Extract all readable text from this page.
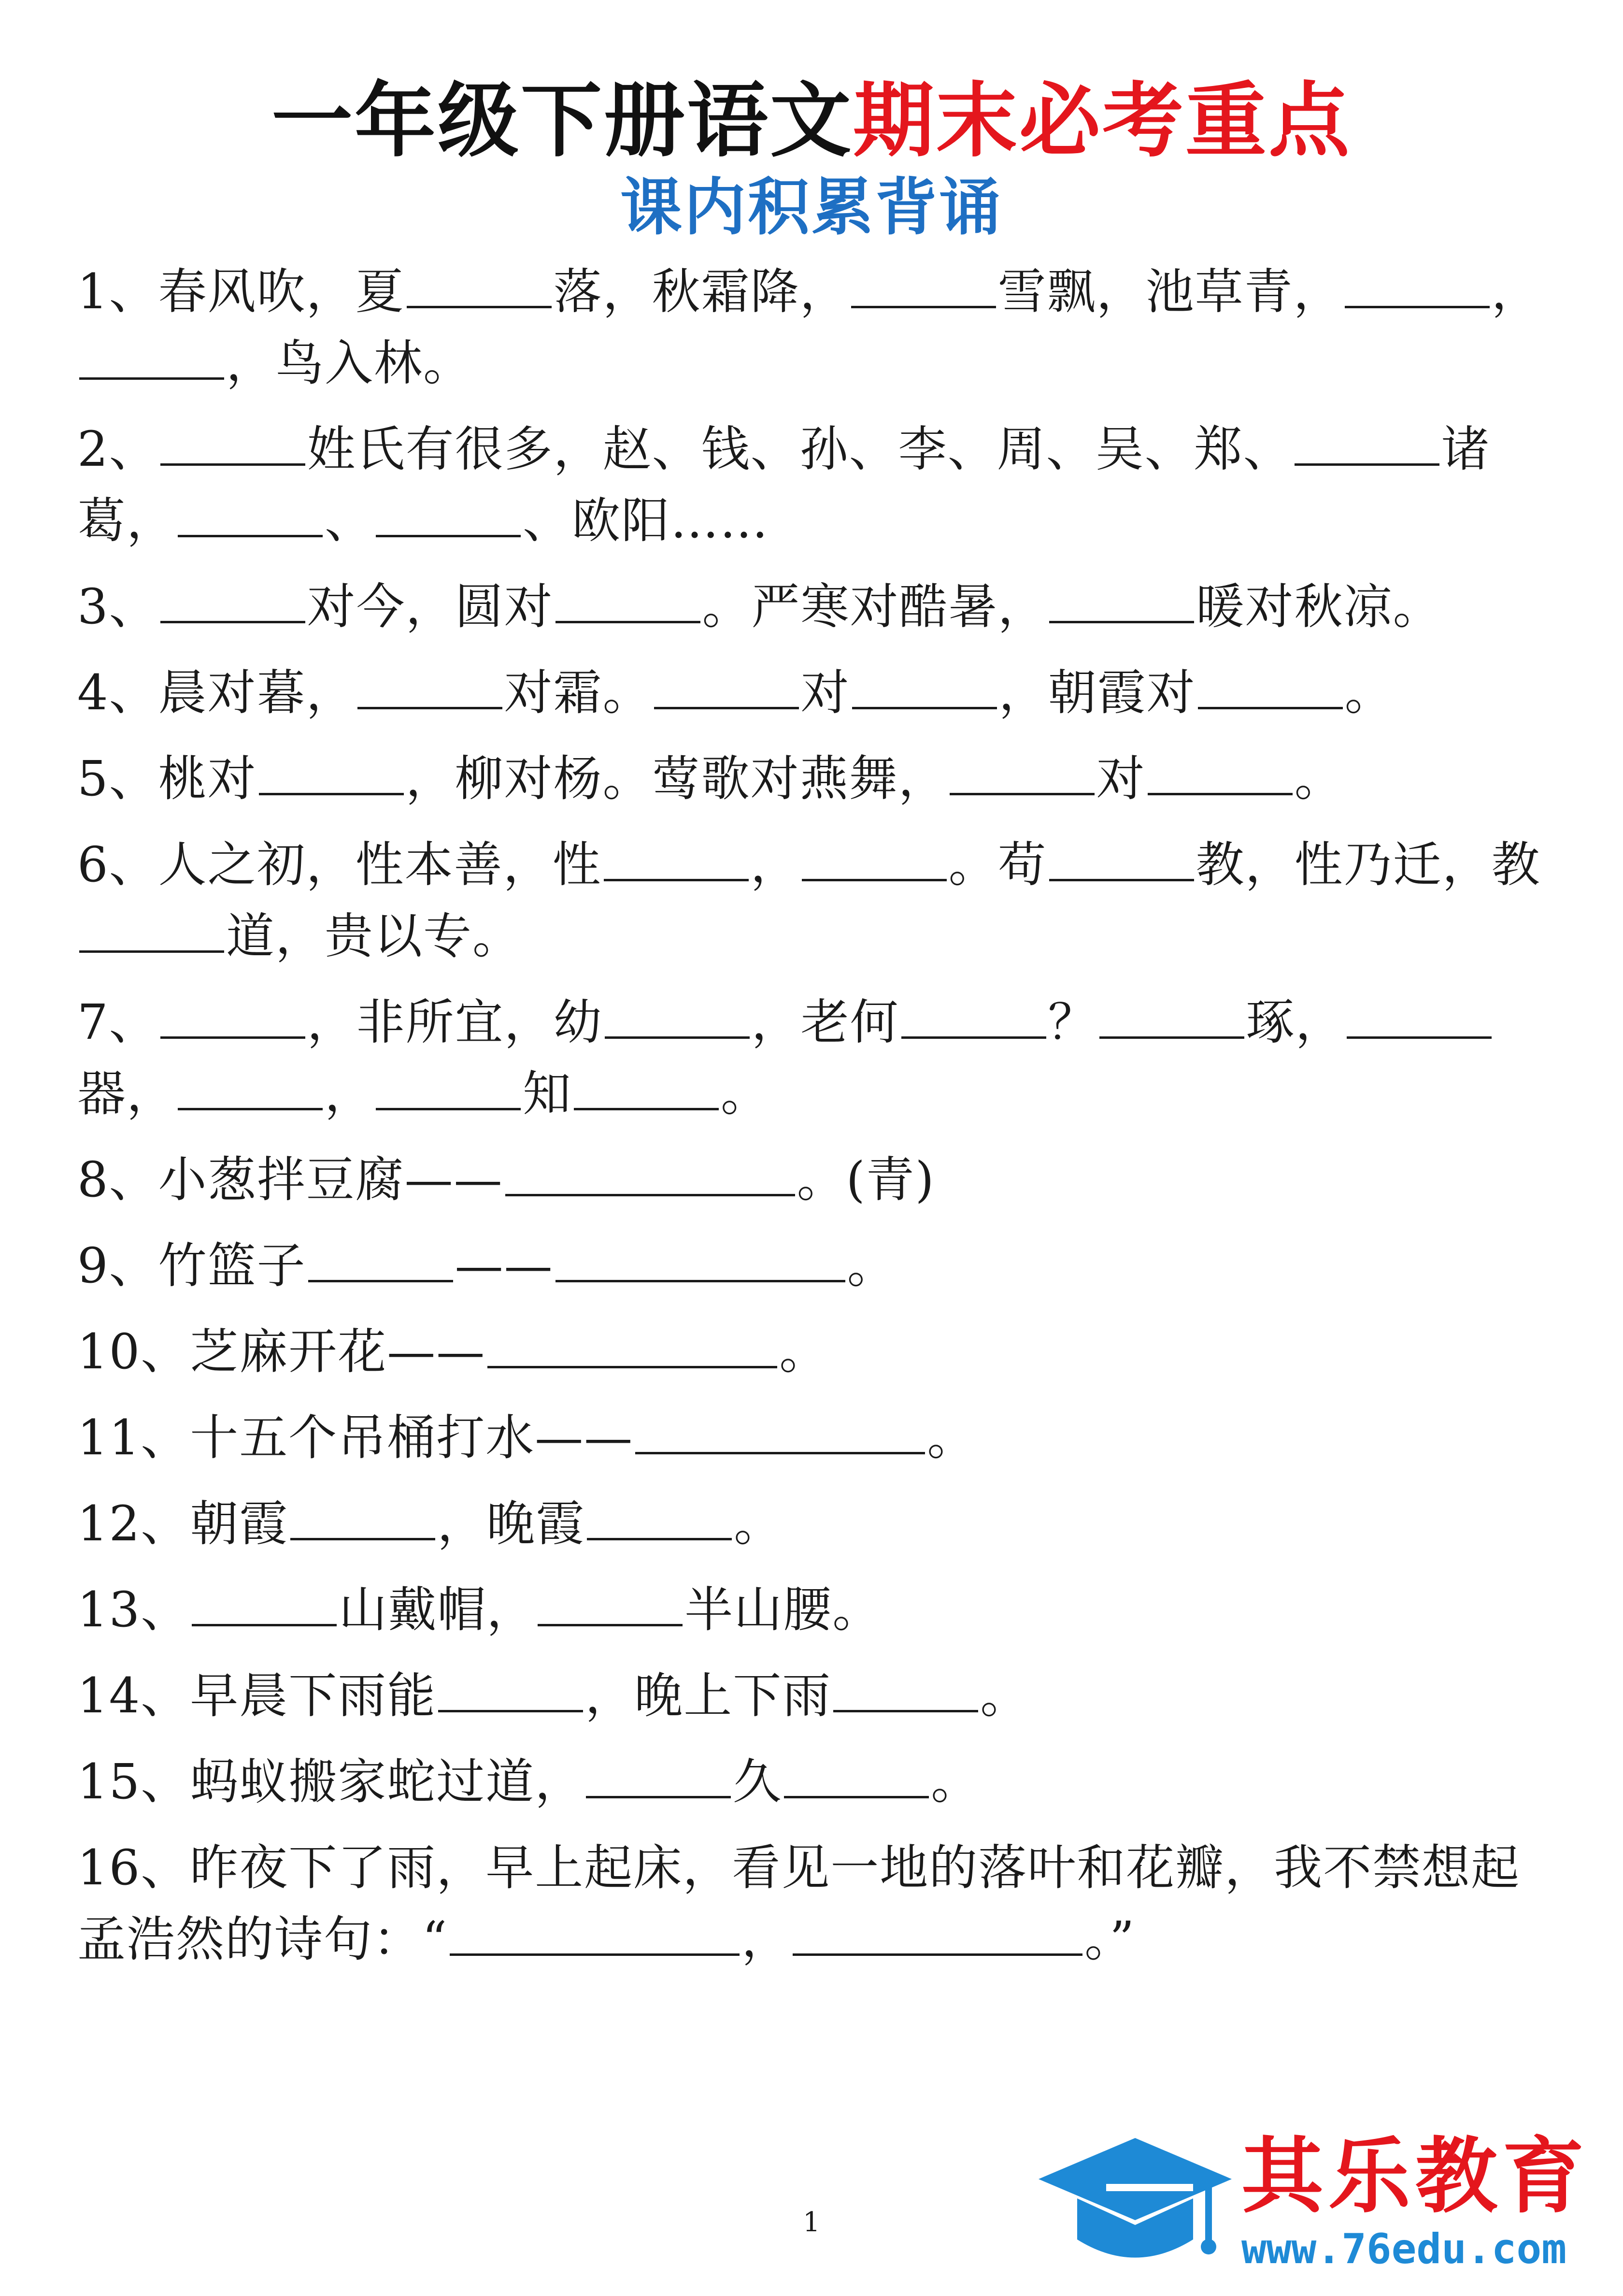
一年级下册语文期末必考重点
课内积累背诵
1、春风吹，夏	落，秋霜降，	雪飘，池草青，	，，鸟入林。
2、	姓氏有很多，赵、钱、孙、李、周、吴、郑、	诸葛，	、	、欧阳……
3、	对今，圆对	。严寒对酷暑，	暖对秋凉。
4、晨对暮，	对霜。	对	，朝霞对	。
5、桃对	，柳对杨。莺歌对燕舞，	对	。
6、人之初，性本善，性	，	。苟	教，性乃迁，教道，贵以专。
7、	，非所宜，幼	，老何	？	琢，器，	，	知	。
8、小葱拌豆腐——	。(青)
9、竹篮子	——	。
10、芝麻开花——	。
11、十五个吊桶打水——	。
12、朝霞	，晚霞	。
13、	山戴帽，	半山腰。
14、早晨下雨能	，晚上下雨	。
15、蚂蚁搬家蛇过道，	久	。
16、昨夜下了雨，早上起床，看见一地的落叶和花瓣，我不禁想起孟浩然的诗句：“	，	。”
1	其乐教育
www.76edu.com
